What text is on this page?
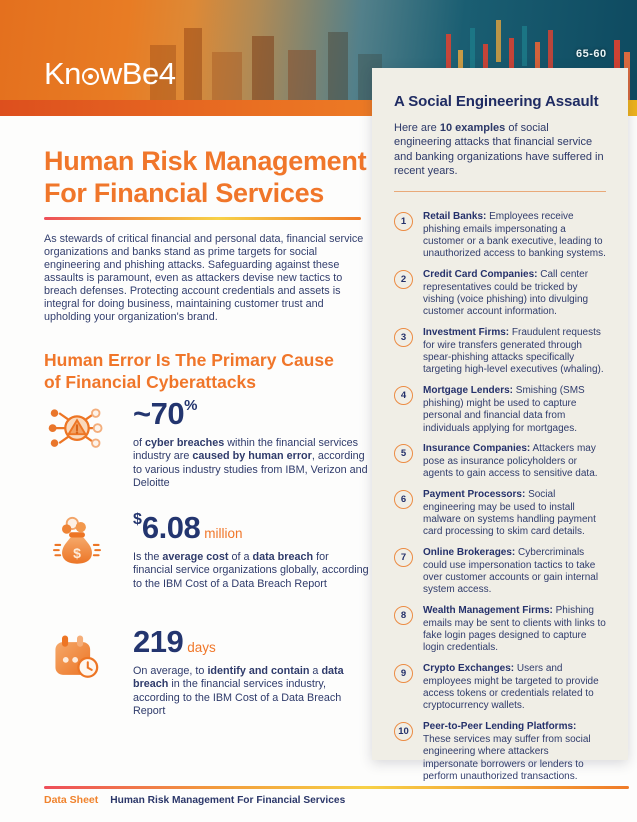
65-60
Kn wBe4
Human Risk Management
For Financial Services

As stewards of critical financial and personal data, financial service organizations and banks stand as prime targets for social engineering and phishing attacks. Safeguarding against these assaults is paramount, even as attackers devise new tactics to breach defenses. Protecting account credentials and assets is integral for doing business, maintaining customer trust and upholding your organization's brand.

Human Error Is The Primary Cause
of Financial Cyberattacks
~70%

of cyber breaches within the financial services industry are caused by human error, according to various industry studies from IBM, Verizon and Deloitte

$
$6.08 million

Is the average cost of a data breach for financial service organizations globally, according to the IBM Cost of a Data Breach Report

219 days

On average, to identify and contain a data breach in the financial services industry, according to the IBM Cost of a Data Breach Report

A Social Engineering Assault

Here are 10 examples of social engineering attacks that financial service and banking organizations have suffered in recent years.

1	Retail Banks: Employees receive phishing emails impersonating a customer or a bank executive, leading to unauthorized access to banking systems.

2	Credit Card Companies: Call center representatives could be tricked by vishing (voice phishing) into divulging customer account information.

3	Investment Firms: Fraudulent requests for wire transfers generated through spear-phishing attacks specifically targeting high-level executives (whaling).

4	Mortgage Lenders: Smishing (SMS phishing) might be used to capture personal and financial data from individuals applying for mortgages.

5	Insurance Companies: Attackers may pose as insurance policyholders or agents to gain access to sensitive data.

6	Payment Processors: Social engineering may be used to install malware on systems handling payment card processing to skim card details.

7	Online Brokerages: Cybercriminals could use impersonation tactics to take over customer accounts or gain internal system access.

8	Wealth Management Firms: Phishing emails may be sent to clients with links to fake login pages designed to capture login credentials.

9	Crypto Exchanges: Users and employees might be targeted to provide access tokens or credentials related to cryptocurrency wallets.

10	Peer-to-Peer Lending Platforms: These services may suffer from social engineering where attackers impersonate borrowers or lenders to perform unauthorized transactions.

Data Sheet Human Risk Management For Financial Services
